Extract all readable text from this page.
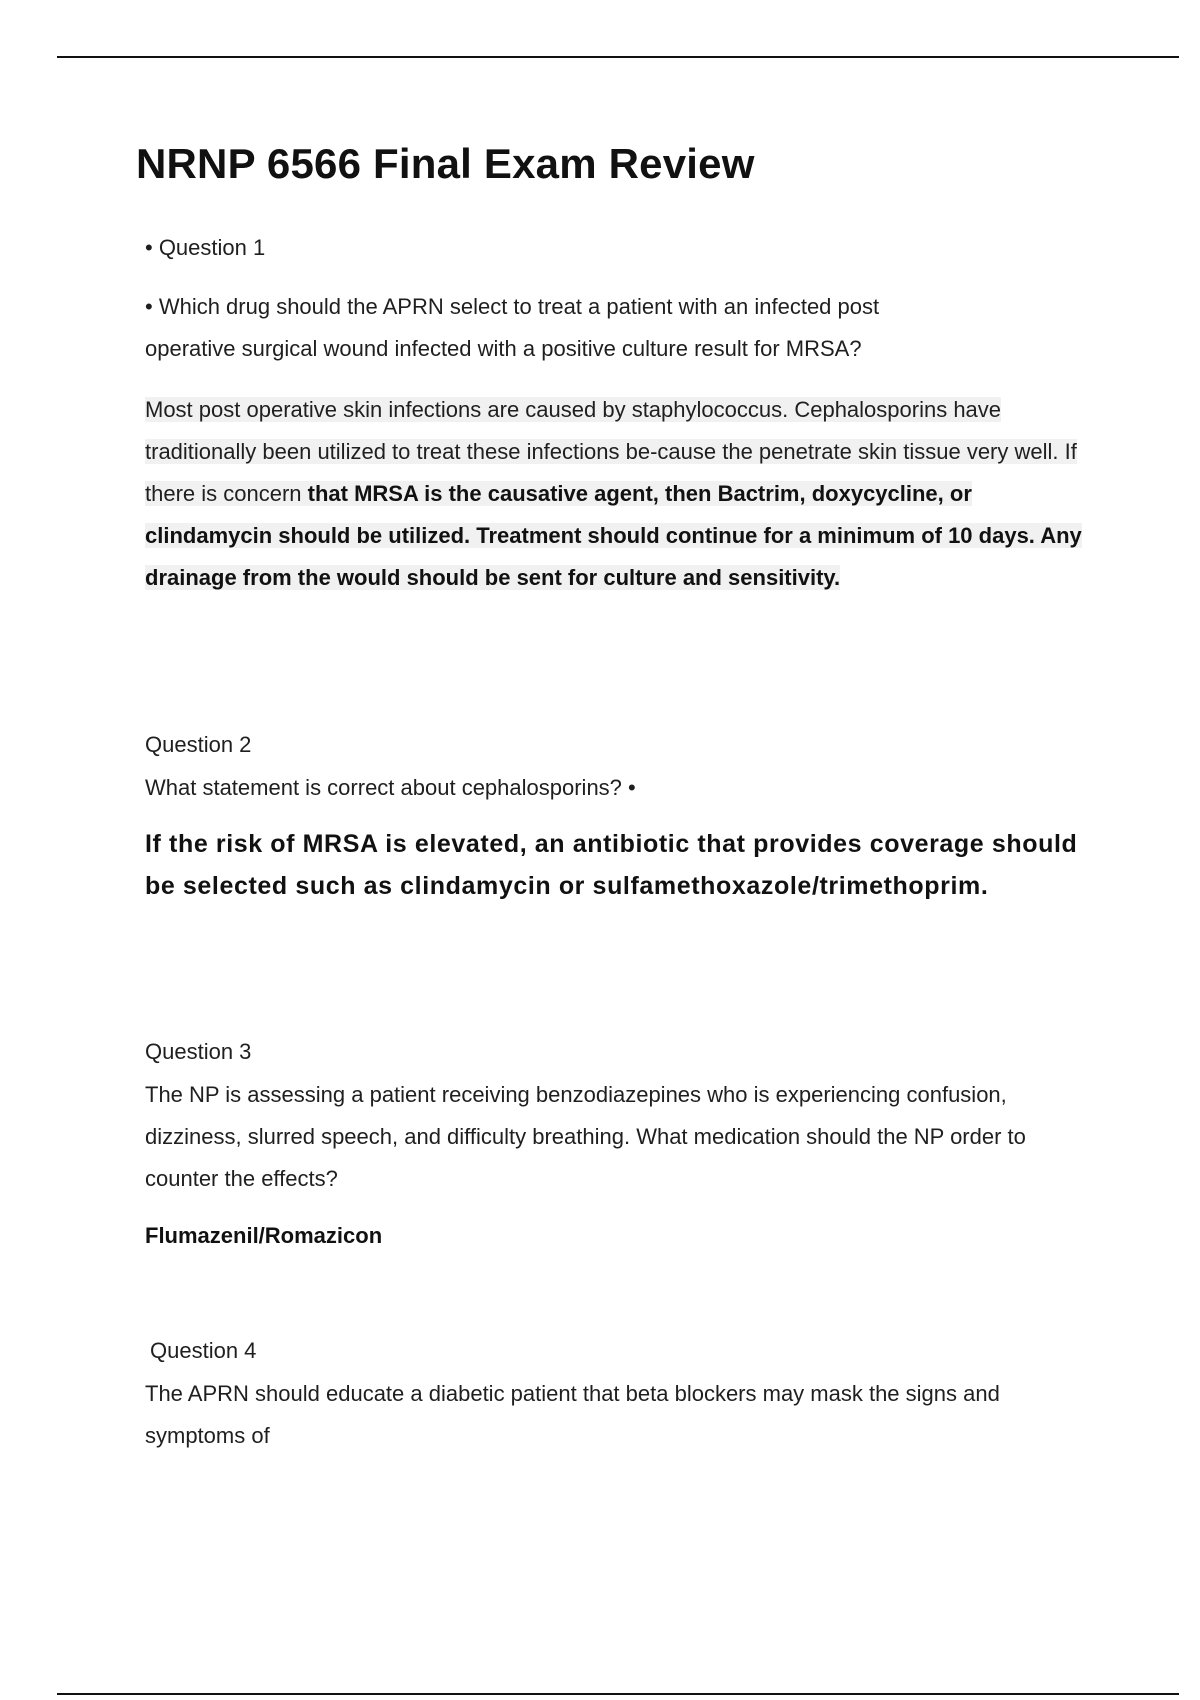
NRNP 6566 Final Exam Review

• Question 1

• Which drug should the APRN select to treat a patient with an infected post

operative surgical wound infected with a positive culture result for MRSA?

Most post operative skin infections are caused by staphylococcus. Cephalosporins have traditionally been utilized to treat these infections be-cause the penetrate skin tissue very well. If there is concern that MRSA is the causative agent, then Bactrim, doxycycline, or clindamycin should be utilized. Treatment should continue for a minimum of 10 days. Any drainage from the would should be sent for culture and sensitivity.

Question 2

What statement is correct about cephalosporins? •

If the risk of MRSA is elevated, an antibiotic that provides coverage should be selected such as clindamycin or sulfamethoxazole/trimethoprim.

Question 3

The NP is assessing a patient receiving benzodiazepines who is experiencing confusion, dizziness, slurred speech, and difficulty breathing. What medication should the NP order to counter the effects?

Flumazenil/Romazicon

Question 4

The APRN should educate a diabetic patient that beta blockers may mask the signs and symptoms of
